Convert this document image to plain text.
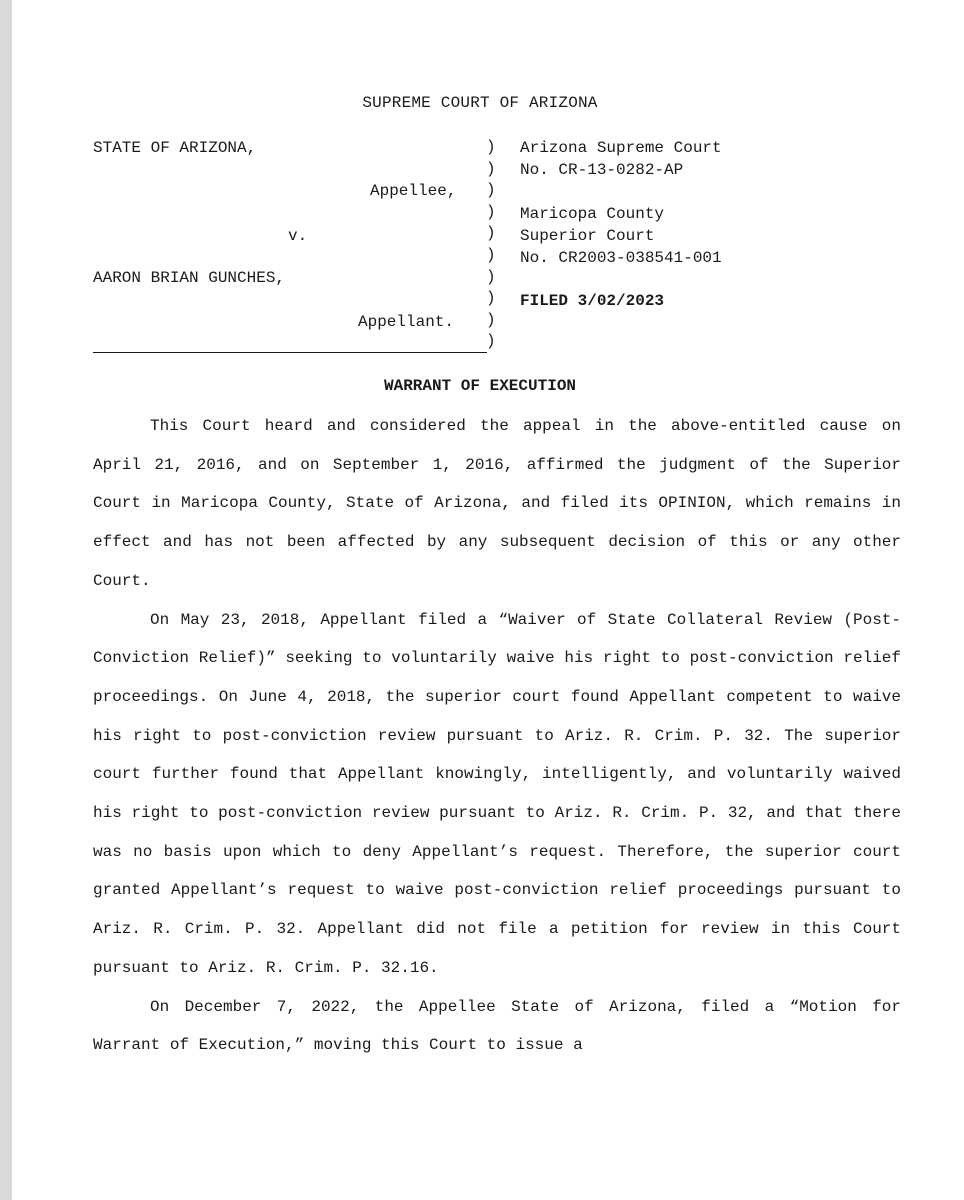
SUPREME COURT OF ARIZONA
STATE OF ARIZONA,
Appellee,
v.
AARON BRIAN GUNCHES,
Appellant.
)
)
)
)
)
)
)
)
)
)
Arizona Supreme Court
No. CR-13-0282-AP
Maricopa County
Superior Court
No. CR2003-038541-001
FILED 3/02/2023
WARRANT OF EXECUTION

This Court heard and considered the appeal in the above-entitled cause on April 21, 2016, and on September 1, 2016, affirmed the judgment of the Superior Court in Maricopa County, State of Arizona, and filed its OPINION, which remains in effect and has not been affected by any subsequent decision of this or any other Court.

On May 23, 2018, Appellant filed a “Waiver of State Collateral Review (Post-Conviction Relief)” seeking to voluntarily waive his right to post-conviction relief proceedings. On June 4, 2018, the superior court found Appellant competent to waive his right to post-conviction review pursuant to Ariz. R. Crim. P. 32. The superior court further found that Appellant knowingly, intelligently, and voluntarily waived his right to post-conviction review pursuant to Ariz. R. Crim. P. 32, and that there was no basis upon which to deny Appellant’s request. Therefore, the superior court granted Appellant’s request to waive post-conviction relief proceedings pursuant to Ariz. R. Crim. P. 32. Appellant did not file a petition for review in this Court pursuant to Ariz. R. Crim. P. 32.16.

On December 7, 2022, the Appellee State of Arizona, filed a “Motion for Warrant of Execution,” moving this Court to issue a
